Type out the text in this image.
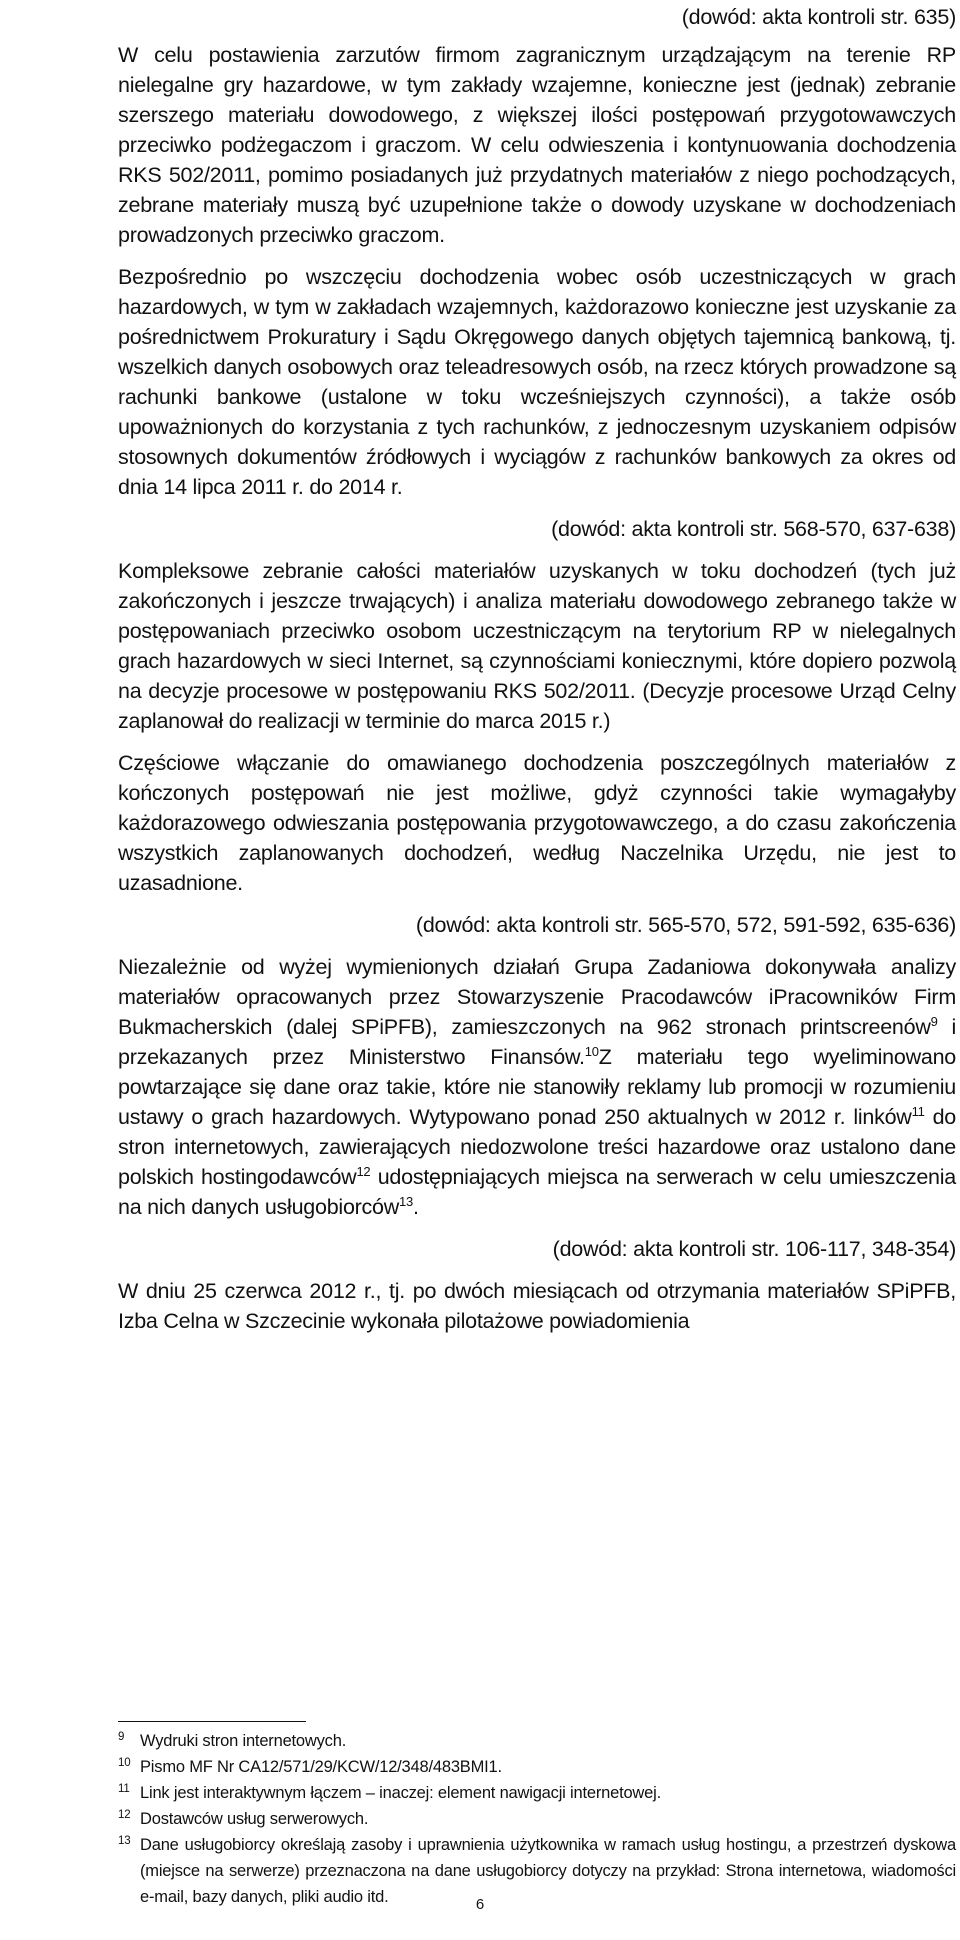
(dowód: akta kontroli str. 635)

W celu postawienia zarzutów firmom zagranicznym urządzającym na terenie RP nielegalne gry hazardowe, w tym zakłady wzajemne, konieczne jest (jednak) zebranie szerszego materiału dowodowego, z większej ilości postępowań przygotowawczych przeciwko podżegaczom i graczom. W celu odwieszenia i kontynuowania dochodzenia RKS 502/2011, pomimo posiadanych już przydatnych materiałów z niego pochodzących, zebrane materiały muszą być uzupełnione także o dowody uzyskane w dochodzeniach prowadzonych przeciwko graczom.

Bezpośrednio po wszczęciu dochodzenia wobec osób uczestniczących w grach hazardowych, w tym w zakładach wzajemnych, każdorazowo konieczne jest uzyskanie za pośrednictwem Prokuratury i Sądu Okręgowego danych objętych tajemnicą bankową, tj. wszelkich danych osobowych oraz teleadresowych osób, na rzecz których prowadzone są rachunki bankowe (ustalone w toku wcześniejszych czynności), a także osób upoważnionych do korzystania z tych rachunków, z jednoczesnym uzyskaniem odpisów stosownych dokumentów źródłowych i wyciągów z rachunków bankowych za okres od dnia 14 lipca 2011 r. do 2014 r.

(dowód: akta kontroli str. 568-570, 637-638)

Kompleksowe zebranie całości materiałów uzyskanych w toku dochodzeń (tych już zakończonych i jeszcze trwających) i analiza materiału dowodowego zebranego także w postępowaniach przeciwko osobom uczestniczącym na terytorium RP w nielegalnych grach hazardowych w sieci Internet, są czynnościami koniecznymi, które dopiero pozwolą na decyzje procesowe w postępowaniu RKS 502/2011. (Decyzje procesowe Urząd Celny zaplanował do realizacji w terminie do marca 2015 r.)

Częściowe włączanie do omawianego dochodzenia poszczególnych materiałów z kończonych postępowań nie jest możliwe, gdyż czynności takie wymagałyby każdorazowego odwieszania postępowania przygotowawczego, a do czasu zakończenia wszystkich zaplanowanych dochodzeń, według Naczelnika Urzędu, nie jest to uzasadnione.

(dowód: akta kontroli str. 565-570, 572, 591-592, 635-636)

Niezależnie od wyżej wymienionych działań Grupa Zadaniowa dokonywała analizy materiałów opracowanych przez Stowarzyszenie Pracodawców iPracowników Firm Bukmacherskich (dalej SPiPFB), zamieszczonych na 962 stronach printscreenów$^9$ i przekazanych przez Ministerstwo Finansów.$^{10}$Z materiału tego wyeliminowano powtarzające się dane oraz takie, które nie stanowiły reklamy lub promocji w rozumieniu ustawy o grach hazardowych. Wytypowano ponad 250 aktualnych w 2012 r. linków$^{11}$ do stron internetowych, zawierających niedozwolone treści hazardowe oraz ustalono dane polskich hostingodawców$^{12}$ udostępniających miejsca na serwerach w celu umieszczenia na nich danych usługobiorców$^{13}$.

(dowód: akta kontroli str. 106-117, 348-354)

W dniu 25 czerwca 2012 r., tj. po dwóch miesiącach od otrzymania materiałów SPiPFB, Izba Celna w Szczecinie wykonała pilotażowe powiadomienia

9 Wydruki stron internetowych.
10 Pismo MF Nr CA12/571/29/KCW/12/348/483BMI1.
11 Link jest interaktywnym łączem – inaczej: element nawigacji internetowej.
12 Dostawców usług serwerowych.
13 Dane usługobiorcy określają zasoby i uprawnienia użytkownika w ramach usług hostingu, a przestrzeń dyskowa (miejsce na serwerze) przeznaczona na dane usługobiorcy dotyczy na przykład: Strona internetowa, wiadomości e-mail, bazy danych, pliki audio itd.	6
